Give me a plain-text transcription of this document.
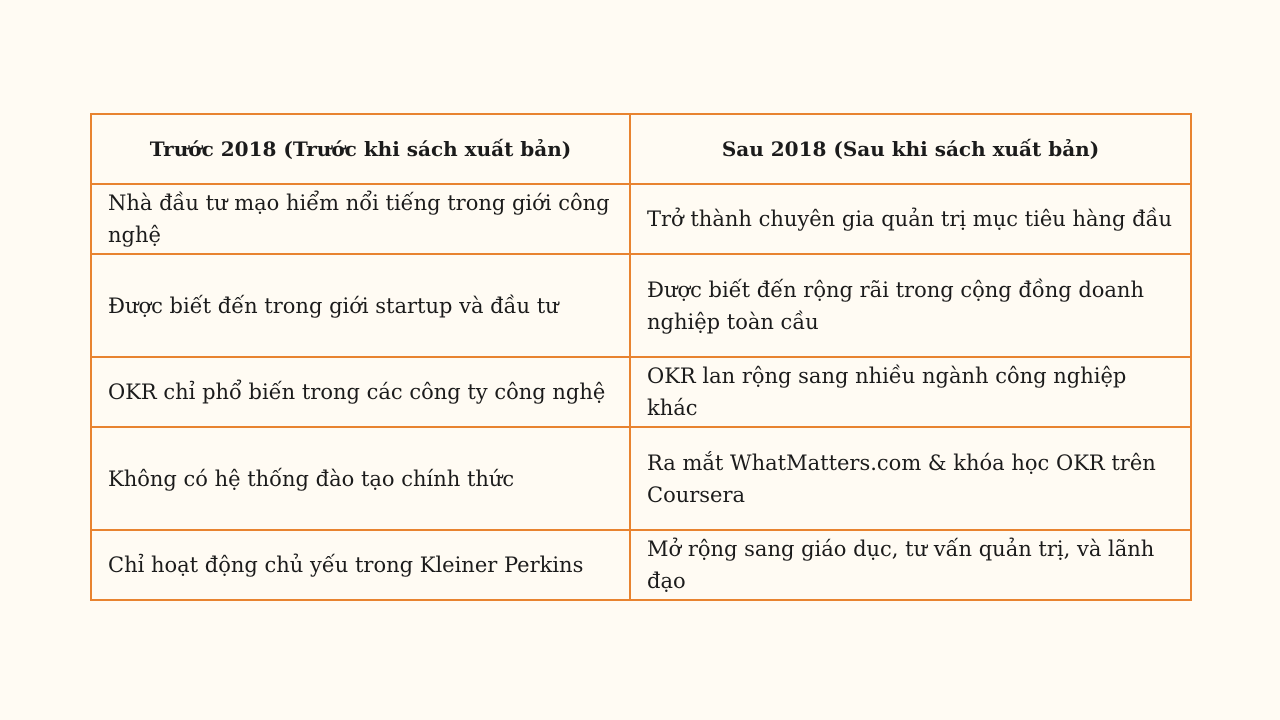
Trước 2018 (Trước khi sách xuất bản)	Sau 2018 (Sau khi sách xuất bản)
Nhà đầu tư mạo hiểm nổi tiếng trong giới công nghệ	Trở thành chuyên gia quản trị mục tiêu hàng đầu
Được biết đến trong giới startup và đầu tư	Được biết đến rộng rãi trong cộng đồng doanh nghiệp toàn cầu
OKR chỉ phổ biến trong các công ty công nghệ	OKR lan rộng sang nhiều ngành công nghiệp khác
Không có hệ thống đào tạo chính thức	Ra mắt WhatMatters.com & khóa học OKR trên Coursera
Chỉ hoạt động chủ yếu trong Kleiner Perkins	Mở rộng sang giáo dục, tư vấn quản trị, và lãnh đạo
